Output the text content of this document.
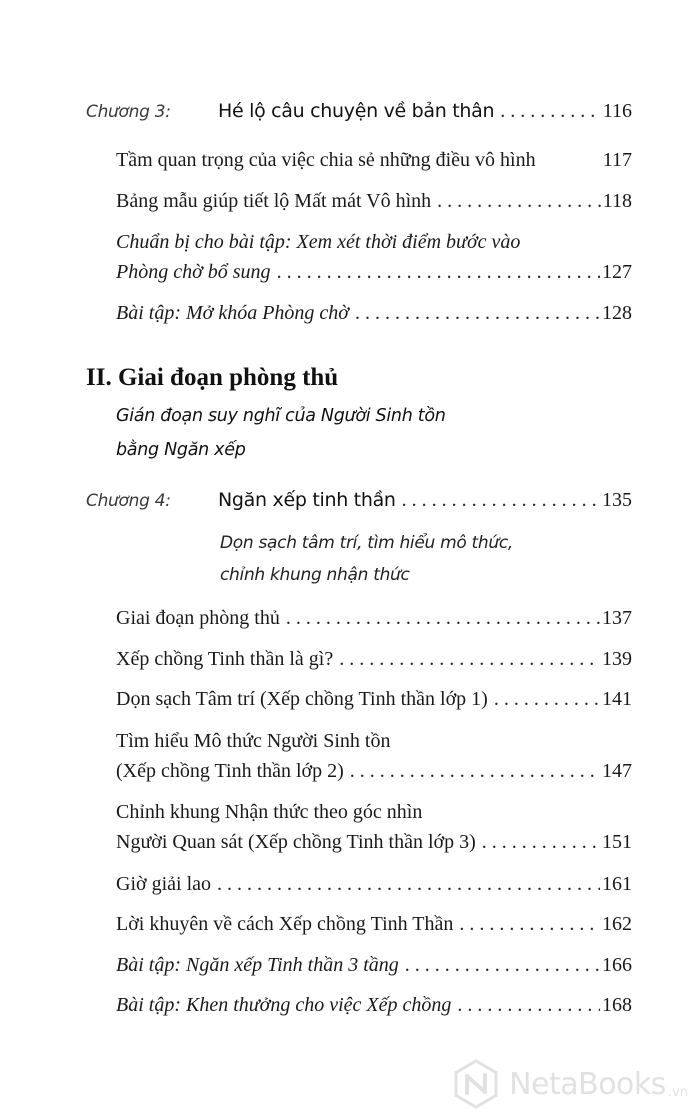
Chương 3:	Hé lộ câu chuyện về bản thân . . .	116
Tầm quan trọng của việc chia sẻ những điều vô hình	117
Bảng mẫu giúp tiết lộ Mất mát Vô hình . . .	118
Chuẩn bị cho bài tập: Xem xét thời điểm bước vào
Phòng chờ bổ sung . . .	127
Bài tập: Mở khóa Phòng chờ . . .	128
II. Giai đoạn phòng thủ
Gián đoạn suy nghĩ của Người Sinh tồn
bằng Ngăn xếp
Chương 4:	Ngăn xếp tinh thần . . .	135
Dọn sạch tâm trí, tìm hiểu mô thức,
chỉnh khung nhận thức
Giai đoạn phòng thủ . . .	137
Xếp chồng Tinh thần là gì? . . .	139
Dọn sạch Tâm trí (Xếp chồng Tinh thần lớp 1) . . .	141
Tìm hiểu Mô thức Người Sinh tồn
(Xếp chồng Tinh thần lớp 2) . . .	147
Chỉnh khung Nhận thức theo góc nhìn
Người Quan sát (Xếp chồng Tinh thần lớp 3) . . .	151
Giờ giải lao . . .	161
Lời khuyên về cách Xếp chồng Tinh Thần . . .	162
Bài tập: Ngăn xếp Tinh thần 3 tầng . . .	166
Bài tập: Khen thưởng cho việc Xếp chồng . . .	168
NetaBooks .vn
